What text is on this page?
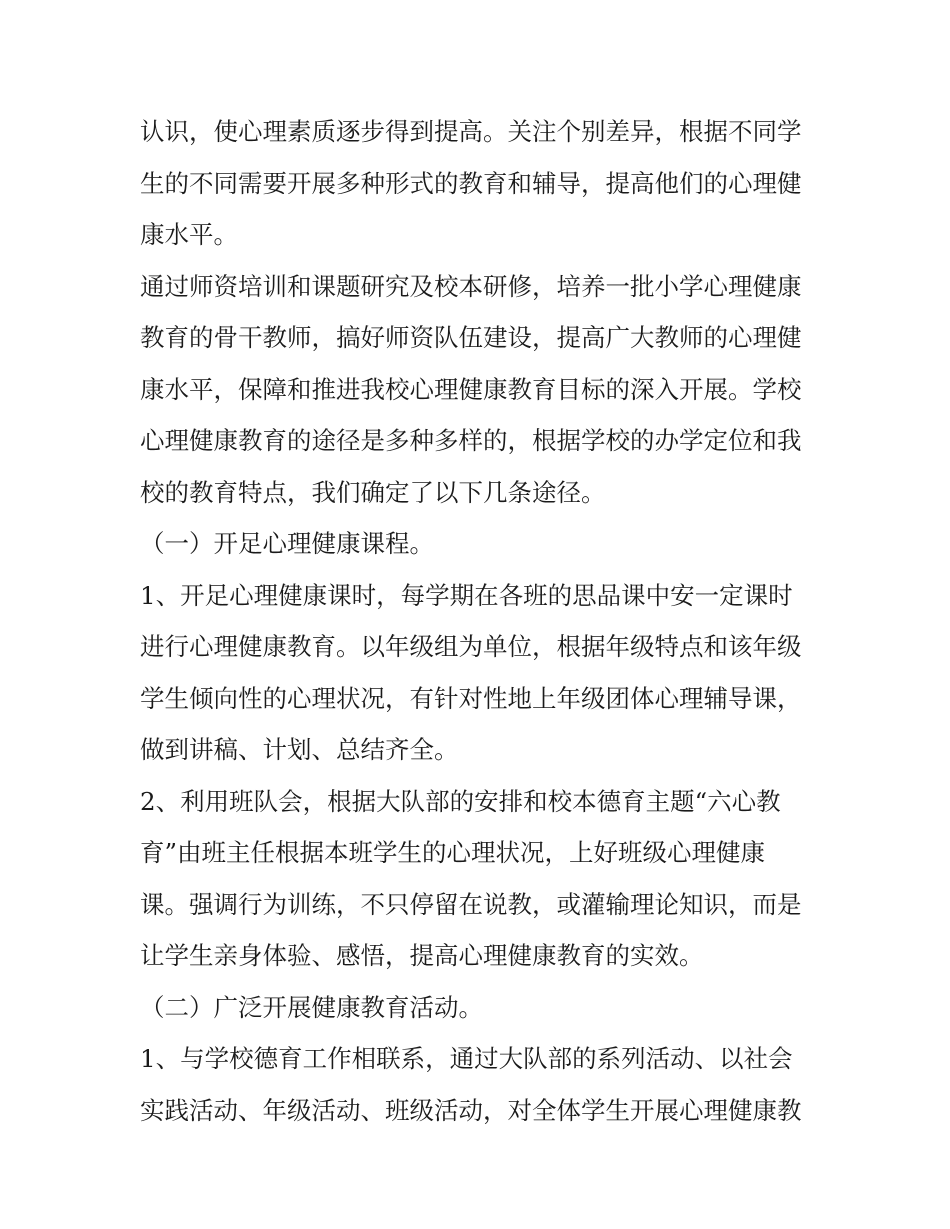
认识，使心理素质逐步得到提高。关注个别差异，根据不同学
生的不同需要开展多种形式的教育和辅导，提高他们的心理健
康水平。
通过师资培训和课题研究及校本研修，培养一批小学心理健康
教育的骨干教师，搞好师资队伍建设，提高广大教师的心理健
康水平，保障和推进我校心理健康教育目标的深入开展。学校
心理健康教育的途径是多种多样的，根据学校的办学定位和我
校的教育特点，我们确定了以下几条途径。
（一）开足心理健康课程。
1、开足心理健康课时，每学期在各班的思品课中安一定课时
进行心理健康教育。以年级组为单位，根据年级特点和该年级
学生倾向性的心理状况，有针对性地上年级团体心理辅导课，
做到讲稿、计划、总结齐全。
2、利用班队会，根据大队部的安排和校本德育主题“六心教
育”由班主任根据本班学生的心理状况，上好班级心理健康
课。强调行为训练，不只停留在说教，或灌输理论知识，而是
让学生亲身体验、感悟，提高心理健康教育的实效。
（二）广泛开展健康教育活动。
1、与学校德育工作相联系，通过大队部的系列活动、以社会
实践活动、年级活动、班级活动，对全体学生开展心理健康教
